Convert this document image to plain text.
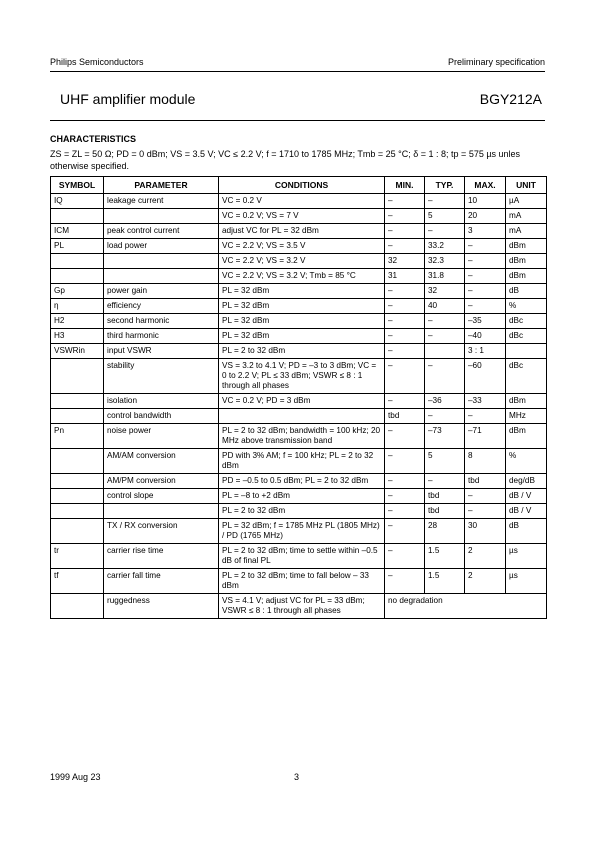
Philips Semiconductors	Preliminary specification
UHF amplifier module	BGY212A
CHARACTERISTICS
ZS = ZL = 50 Ω; PD = 0 dBm; VS = 3.5 V; VC ≤ 2.2 V; f = 1710 to 1785 MHz; Tmb = 25 °C; δ = 1 : 8; tp = 575 µs unles
otherwise specified.
SYMBOL	PARAMETER	CONDITIONS	MIN.	TYP.	MAX.	UNIT
IQ	leakage current	VC = 0.2 V	–	–	10	µA
		VC = 0.2 V; VS = 7 V	–	5	20	mA
ICM	peak control current	adjust VC for PL = 32 dBm	–	–	3	mA
PL	load power	VC = 2.2 V; VS = 3.5 V	–	33.2	–	dBm
		VC = 2.2 V; VS = 3.2 V	32	32.3	–	dBm
		VC = 2.2 V; VS = 3.2 V; Tmb = 85 °C	31	31.8	–	dBm
Gp	power gain	PL = 32 dBm	–	32	–	dB
η	efficiency	PL = 32 dBm	–	40	–	%
H2	second harmonic	PL = 32 dBm	–	–	–35	dBc
H3	third harmonic	PL = 32 dBm	–	–	–40	dBc
VSWRin	input VSWR	PL = 2 to 32 dBm	–		3 : 1	
	stability	VS = 3.2 to 4.1 V; PD = –3 to 3 dBm; VC = 0 to 2.2 V; PL ≤ 33 dBm; VSWR ≤ 8 : 1 through all phases	–	–	–60	dBc
	isolation	VC = 0.2 V; PD = 3 dBm	–	–36	–33	dBm
	control bandwidth		tbd	–	–	MHz
Pn	noise power	PL = 2 to 32 dBm; bandwidth = 100 kHz; 20 MHz above transmission band	–	–73	–71	dBm
	AM/AM conversion	PD with 3% AM; f = 100 kHz; PL = 2 to 32 dBm	–	5	8	%
	AM/PM conversion	PD = –0.5 to 0.5 dBm; PL = 2 to 32 dBm	–	–	tbd	deg/dB
	control slope	PL = –8 to +2 dBm	–	tbd	–	dB / V
		PL = 2 to 32 dBm	–	tbd	–	dB / V
	TX / RX conversion	PL = 32 dBm; f = 1785 MHz PL (1805 MHz) / PD (1765 MHz)	–	28	30	dB
tr	carrier rise time	PL = 2 to 32 dBm; time to settle within –0.5 dB of final PL	–	1.5	2	µs
tf	carrier fall time	PL = 2 to 32 dBm; time to fall below – 33 dBm	–	1.5	2	µs
	ruggedness	VS = 4.1 V; adjust VC for PL = 33 dBm; VSWR ≤ 8 : 1 through all phases	no degradation			
1999 Aug 23	3
